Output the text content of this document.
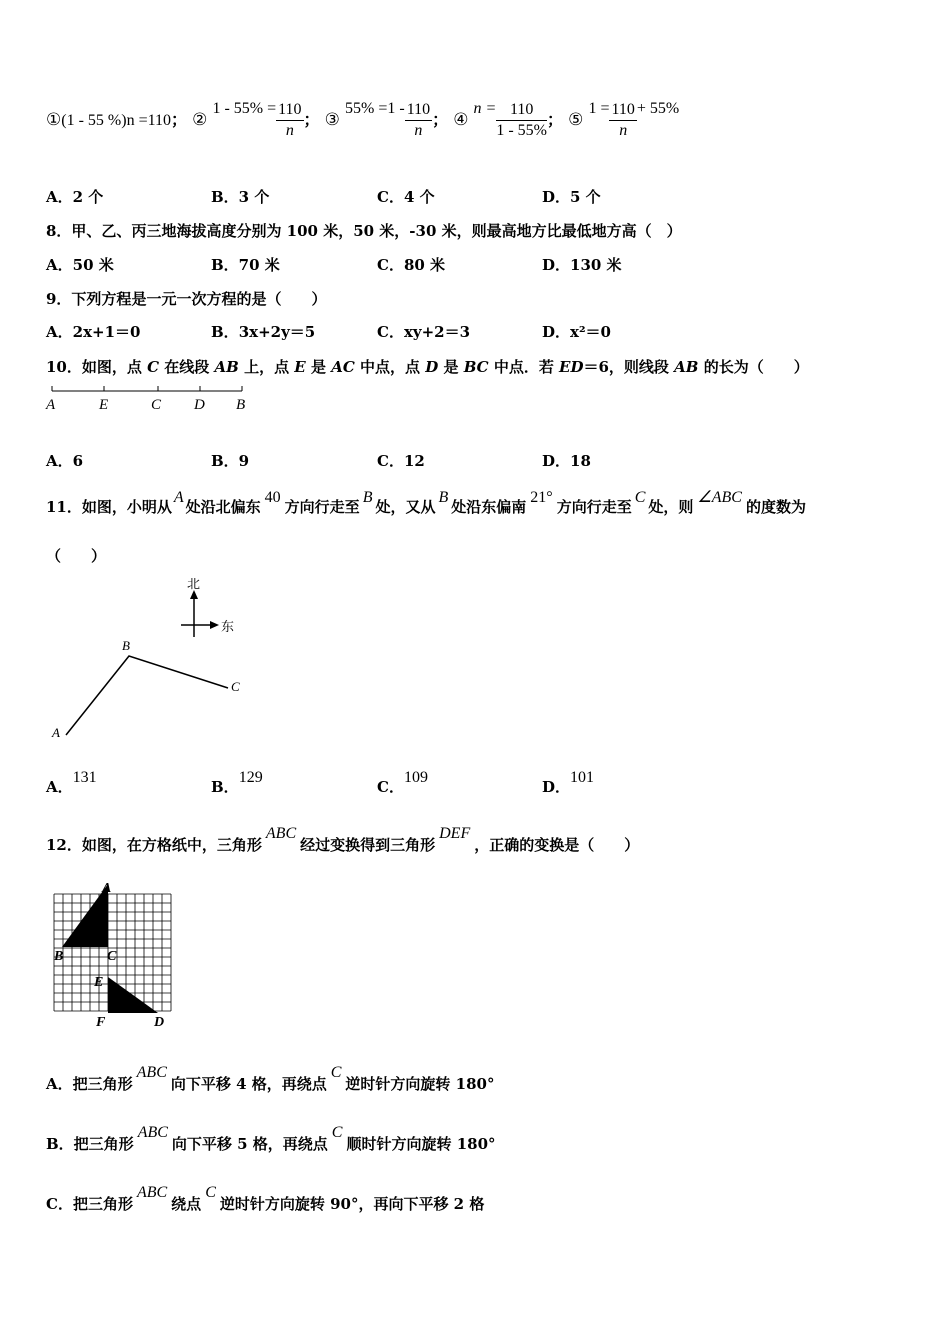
①(1 - 55 %)n =110； ② $1 - 55\% = \frac{110}{n}$ ； ③ $55\% =1 - \frac{110}{n}$ ； ④ $n = \frac{110}{1 - 55\%}$ ； ⑤ $1 = \frac{110}{n} + 55\%$
A．2 个	B．3 个	C．4 个	D．5 个
8．甲、乙、丙三地海拔高度分别为 100 米，50 米，-30 米，则最高地方比最低地方高（　）
A．50 米	B．70 米	C．80 米	D．130 米
9．下列方程是一元一次方程的是（　　）
A．2x+1＝0	B．3x+2y＝5	C．xy+2＝3	D．x²＝0
10．如图，点 C 在线段 AB 上，点 E 是 AC 中点，点 D 是 BC 中点．若 ED＝6，则线段 AB 的长为（　　）
A	E	C D B
A．6	B．9	C．12	D．18
11．如图，小明从A处沿北偏东40方向行走至B处，又从B处沿东偏南21°方向行走至C处，则∠ABC的度数为
（　　）
北
东
A
B
C
A．131
B．129
C．109
D．101
12．如图，在方格纸中，三角形ABC经过变换得到三角形DEF，正确的变换是（　　）
A
B	C
E
F	D
A．把三角形ABC向下平移 4 格，再绕点C逆时针方向旋转 180°
B．把三角形ABC向下平移 5 格，再绕点C顺时针方向旋转 180°
C．把三角形ABC绕点C逆时针方向旋转 90°，再向下平移 2 格
